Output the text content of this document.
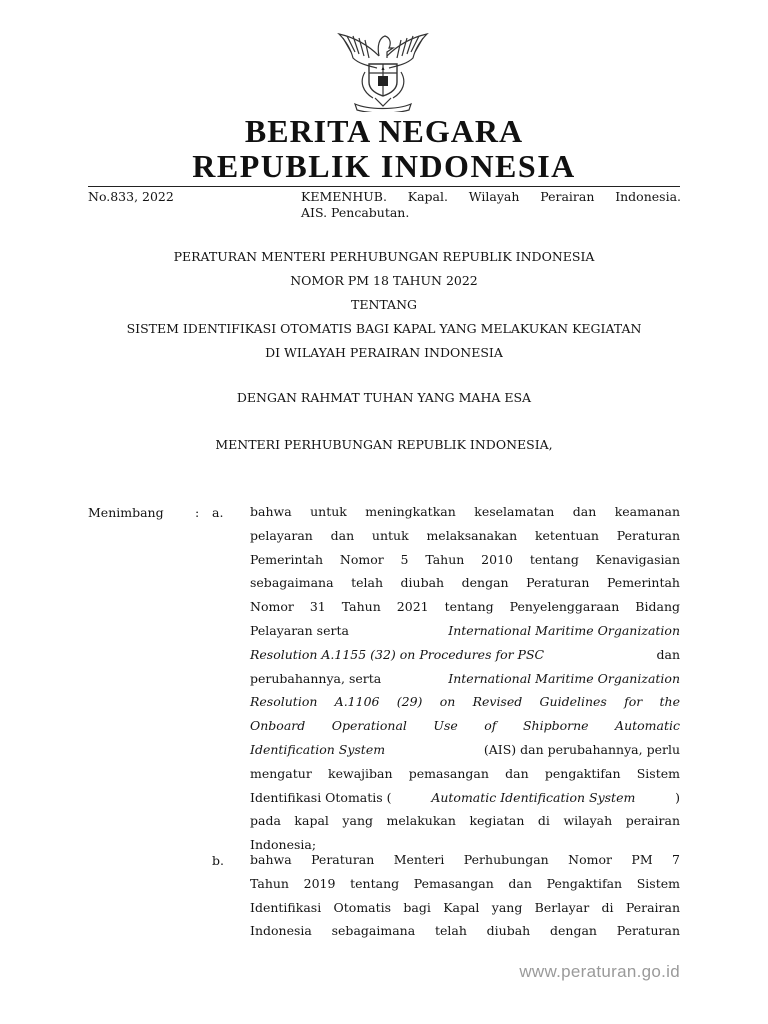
BERITA NEGARA
REPUBLIK INDONESIA
No.833, 2022	KEMENHUB. Kapal. Wilayah Perairan Indonesia.
AIS. Pencabutan.
PERATURAN MENTERI PERHUBUNGAN REPUBLIK INDONESIA
NOMOR PM 18 TAHUN 2022
TENTANG
SISTEM IDENTIFIKASI OTOMATIS BAGI KAPAL YANG MELAKUKAN KEGIATAN
DI WILAYAH PERAIRAN INDONESIA
DENGAN RAHMAT TUHAN YANG MAHA ESA
MENTERI PERHUBUNGAN REPUBLIK INDONESIA,
Menimbang	: a. bahwa untuk meningkatkan keselamatan dan keamanan
pelayaran dan untuk melaksanakan ketentuan Peraturan
Pemerintah Nomor 5 Tahun 2010 tentang Kenavigasian
sebagaimana telah diubah dengan Peraturan Pemerintah
Nomor 31 Tahun 2021 tentang Penyelenggaraan Bidang
Pelayaran serta	International Maritime Organization
Resolution A.1155 (32) on Procedures for PSC	dan
perubahannya, serta	International Maritime Organization
Resolution A.1106 (29) on Revised Guidelines for the
Onboard Operational Use of Shipborne Automatic
Identification System	(AIS) dan perubahannya, perlu
mengatur kewajiban pemasangan dan pengaktifan Sistem
Identifikasi Otomatis (	Automatic Identification System	)
pada kapal yang melakukan kegiatan di wilayah perairan
Indonesia;
b. bahwa Peraturan Menteri Perhubungan Nomor PM 7
Tahun 2019 tentang Pemasangan dan Pengaktifan Sistem
Identifikasi Otomatis bagi Kapal yang Berlayar di Perairan
Indonesia sebagaimana telah diubah dengan Peraturan
www.peraturan.go.id
